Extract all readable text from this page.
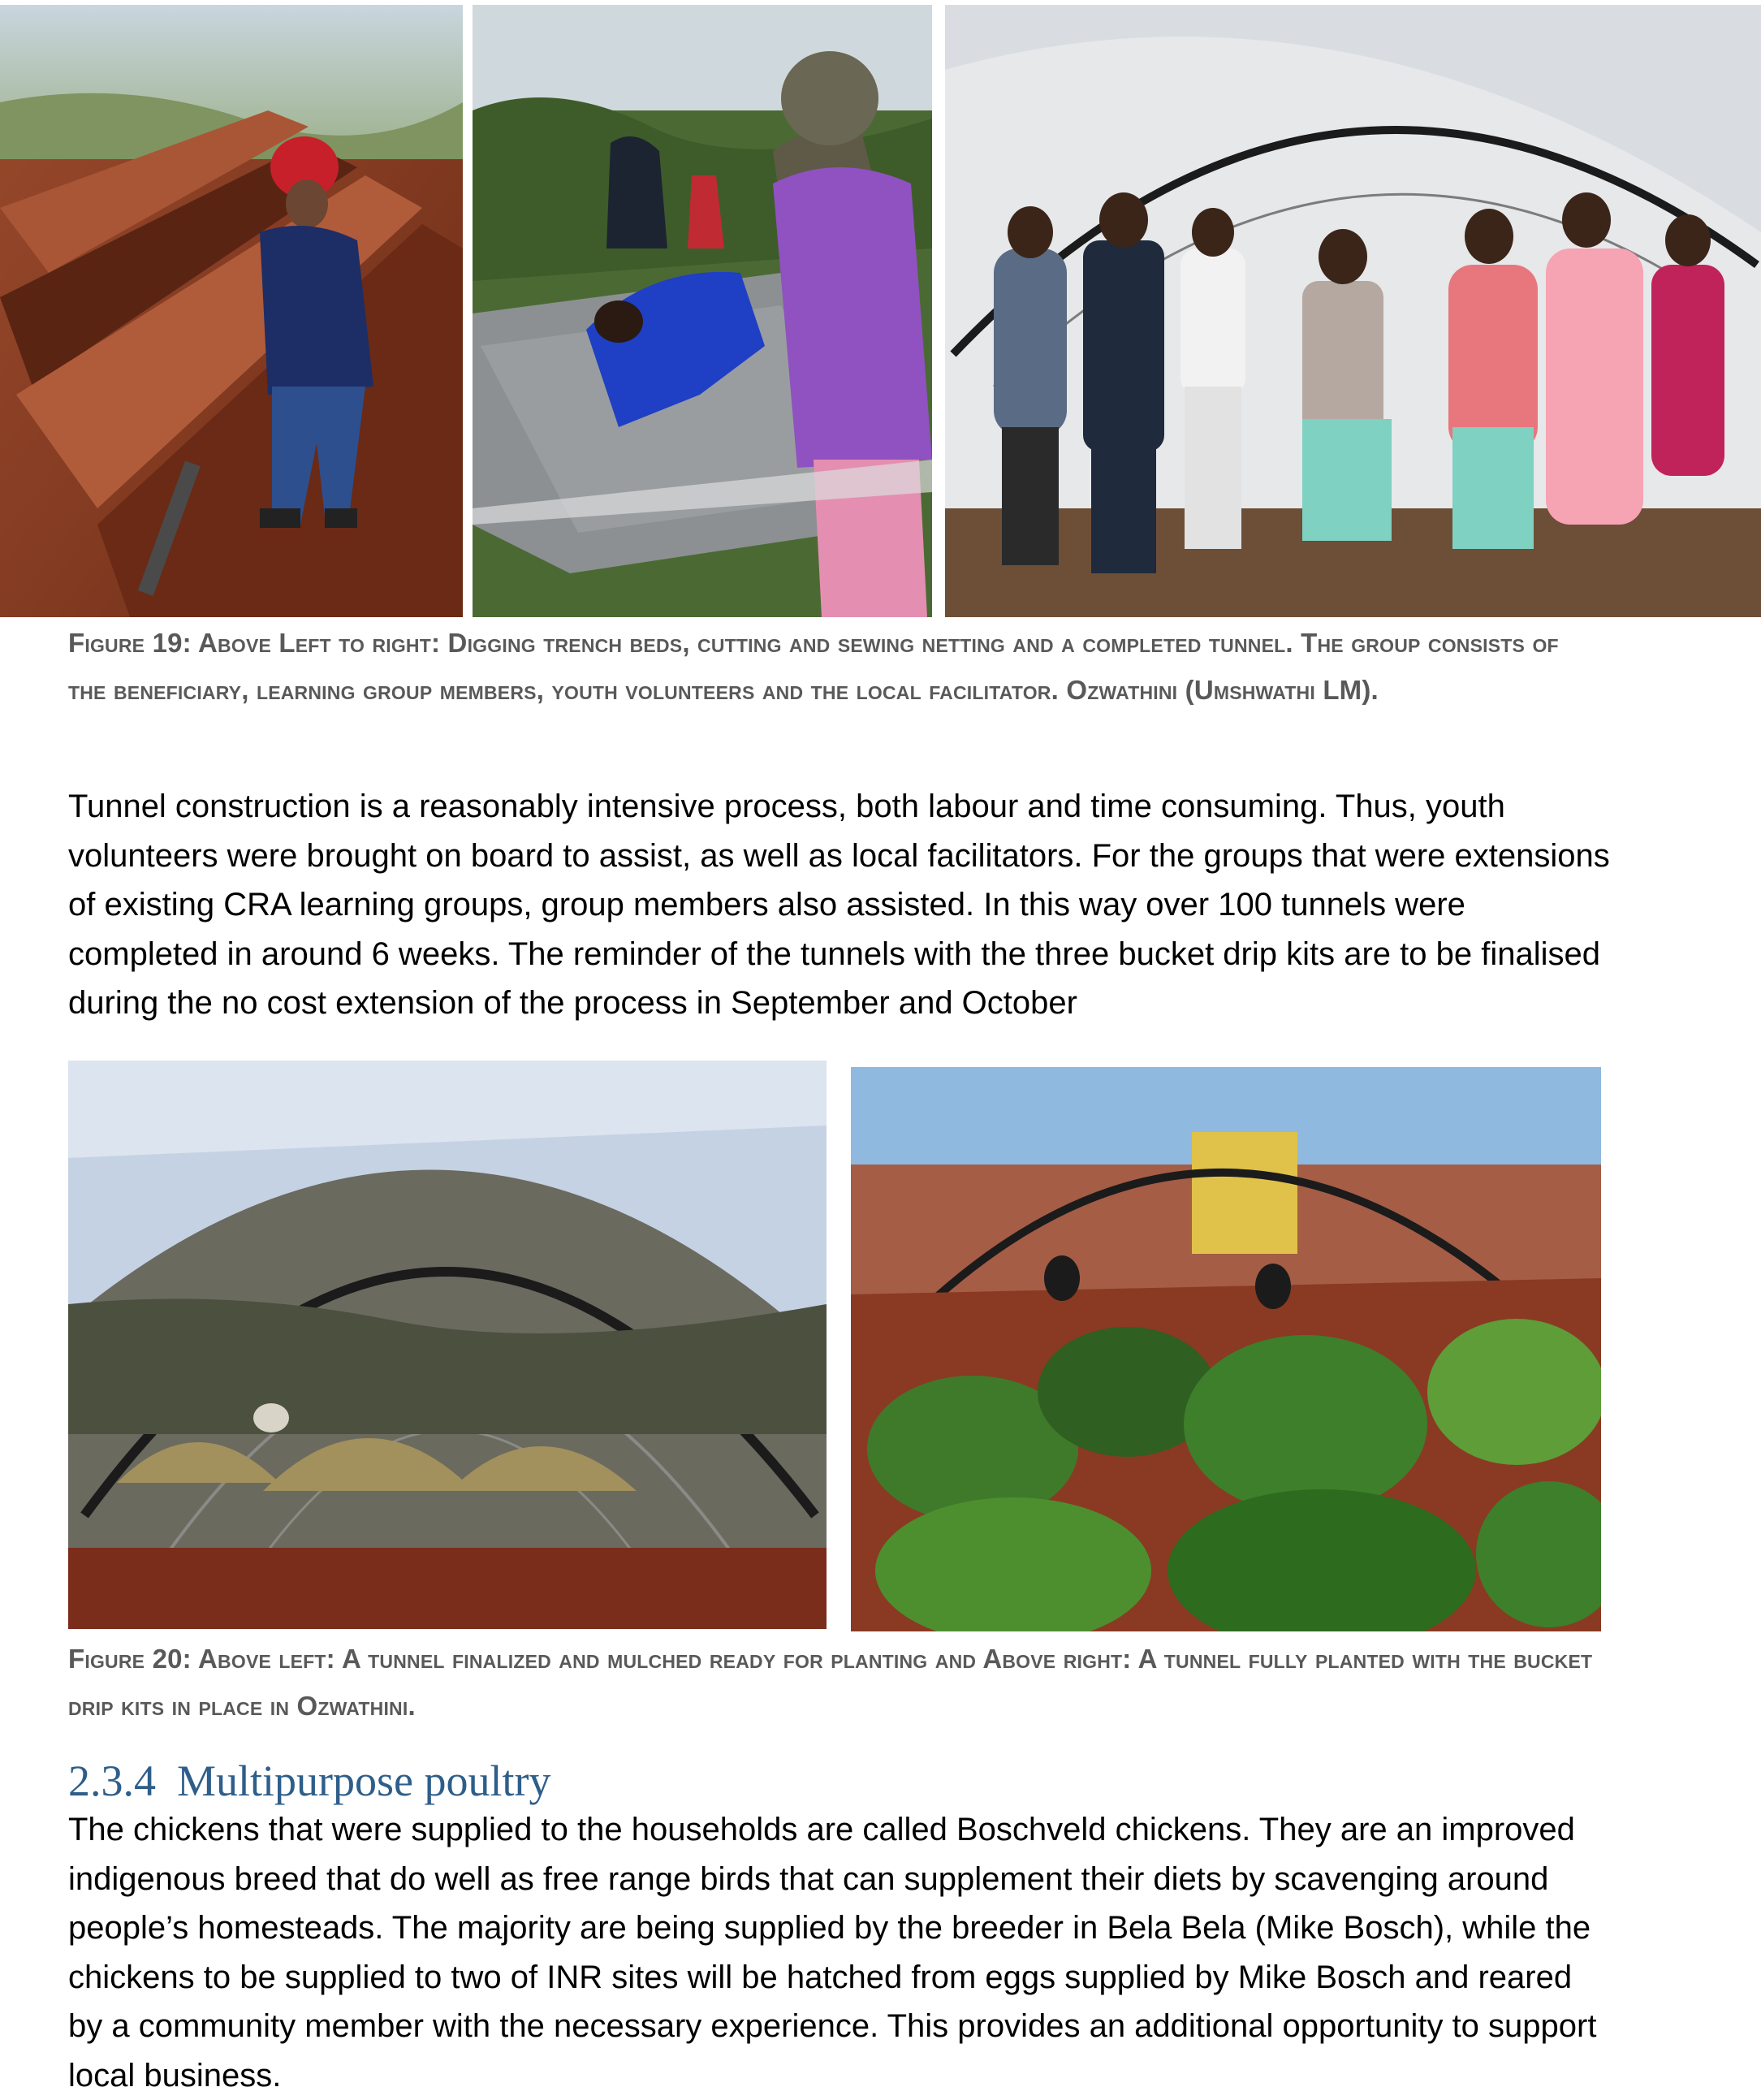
Figure 19: Above Left to right: Digging trench beds, cutting and sewing netting and a completed tunnel. The group consists of the beneficiary, learning group members, youth volunteers and the local facilitator. Ozwathini (Umshwathi LM).

Tunnel construction is a reasonably intensive process, both labour and time consuming. Thus, youth volunteers were brought on board to assist, as well as local facilitators. For the groups that were extensions of existing CRA learning groups, group members also assisted. In this way over 100 tunnels were completed in around 6 weeks. The reminder of the tunnels with the three bucket drip kits are to be finalised during the no cost extension of the process in September and October

Figure 20: Above left: A tunnel finalized and mulched ready for planting and Above right: A tunnel fully planted with the bucket drip kits in place in Ozwathini.
2.3.4 Multipurpose poultry

The chickens that were supplied to the households are called Boschveld chickens. They are an improved indigenous breed that do well as free range birds that can supplement their diets by scavenging around people’s homesteads. The majority are being supplied by the breeder in Bela Bela (Mike Bosch), while the chickens to be supplied to two of INR sites will be hatched from eggs supplied by Mike Bosch and reared by a community member with the necessary experience. This provides an additional opportunity to support local business.
